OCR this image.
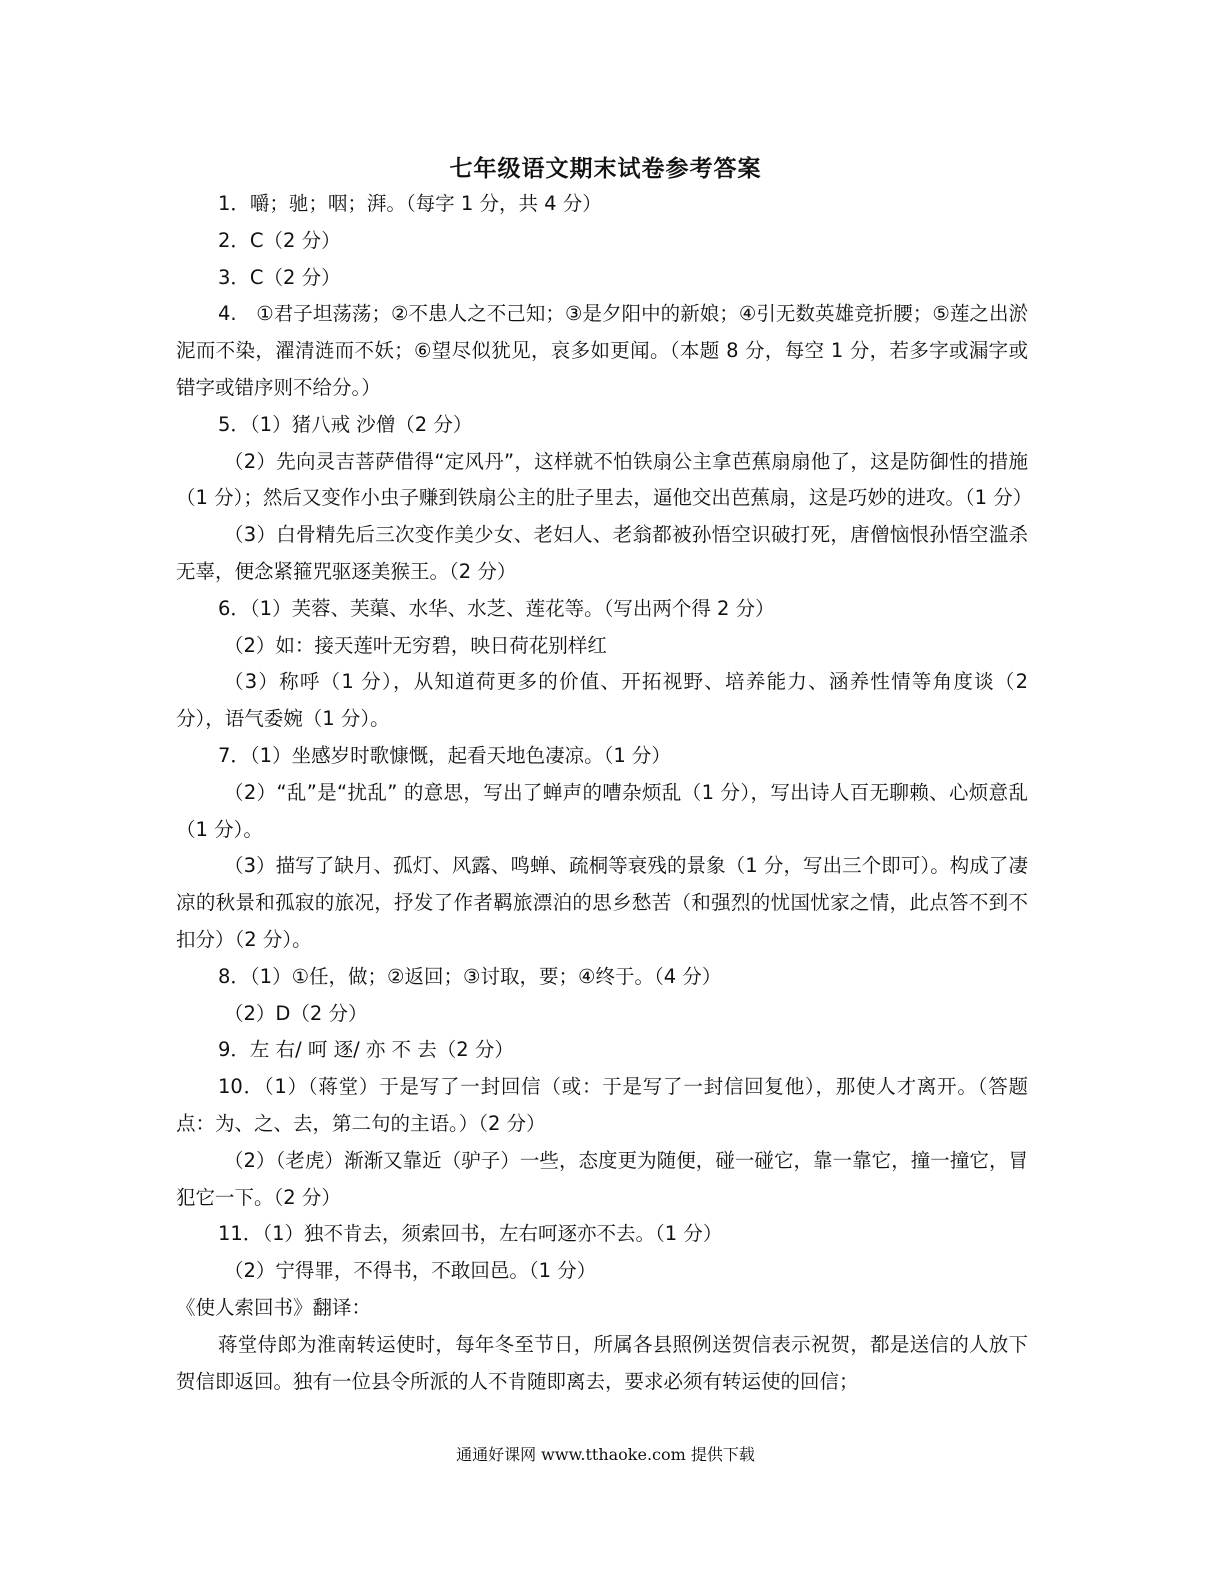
七年级语文期末试卷参考答案

1．嚼；驰；咽；湃。（每字 1 分，共 4 分）

2．C（2 分）

3．C（2 分）

4.　①君子坦荡荡；②不患人之不己知；③是夕阳中的新娘；④引无数英雄竞折腰；⑤莲之出淤泥而不染，濯清涟而不妖；⑥望尽似犹见，哀多如更闻。（本题 8 分，每空 1 分，若多字或漏字或错字或错序则不给分。）

5．（1）猪八戒 沙僧（2 分）

（2）先向灵吉菩萨借得“定风丹”，这样就不怕铁扇公主拿芭蕉扇扇他了，这是防御性的措施（1 分）；然后又变作小虫子赚到铁扇公主的肚子里去，逼他交出芭蕉扇，这是巧妙的进攻。（1 分）

（3）白骨精先后三次变作美少女、老妇人、老翁都被孙悟空识破打死，唐僧恼恨孙悟空滥杀无辜，便念紧箍咒驱逐美猴王。（2 分）

6．（1）芙蓉、芙蕖、水华、水芝、莲花等。（写出两个得 2 分）

（2）如：接天莲叶无穷碧，映日荷花别样红

（3）称呼（1 分），从知道荷更多的价值、开拓视野、培养能力、涵养性情等角度谈（2 分），语气委婉（1 分）。

7．（1）坐感岁时歌慷慨，起看天地色凄凉。（1 分）

（2）“乱”是“扰乱” 的意思，写出了蝉声的嘈杂烦乱（1 分），写出诗人百无聊赖、心烦意乱（1 分）。

（3）描写了缺月、孤灯、风露、鸣蝉、疏桐等衰残的景象（1 分，写出三个即可）。构成了凄凉的秋景和孤寂的旅况，抒发了作者羁旅漂泊的思乡愁苦（和强烈的忧国忧家之情，此点答不到不扣分）（2 分）。

8．（1）①任，做；②返回；③讨取，要；④终于。（4 分）

（2）D（2 分）

9．左 右/ 呵 逐/ 亦 不 去（2 分）

10．（1）（蒋堂）于是写了一封回信（或：于是写了一封信回复他），那使人才离开。（答题点：为、之、去，第二句的主语。）（2 分）

（2）（老虎）渐渐又靠近（驴子）一些，态度更为随便，碰一碰它，靠一靠它，撞一撞它，冒犯它一下。（2 分）

11．（1）独不肯去，须索回书，左右呵逐亦不去。（1 分）

（2）宁得罪，不得书，不敢回邑。（1 分）

《使人索回书》翻译：

蒋堂侍郎为淮南转运使时，每年冬至节日，所属各县照例送贺信表示祝贺，都是送信的人放下贺信即返回。独有一位县令所派的人不肯随即离去，要求必须有转运使的回信；

通通好课网 www.tthaoke.com 提供下载
